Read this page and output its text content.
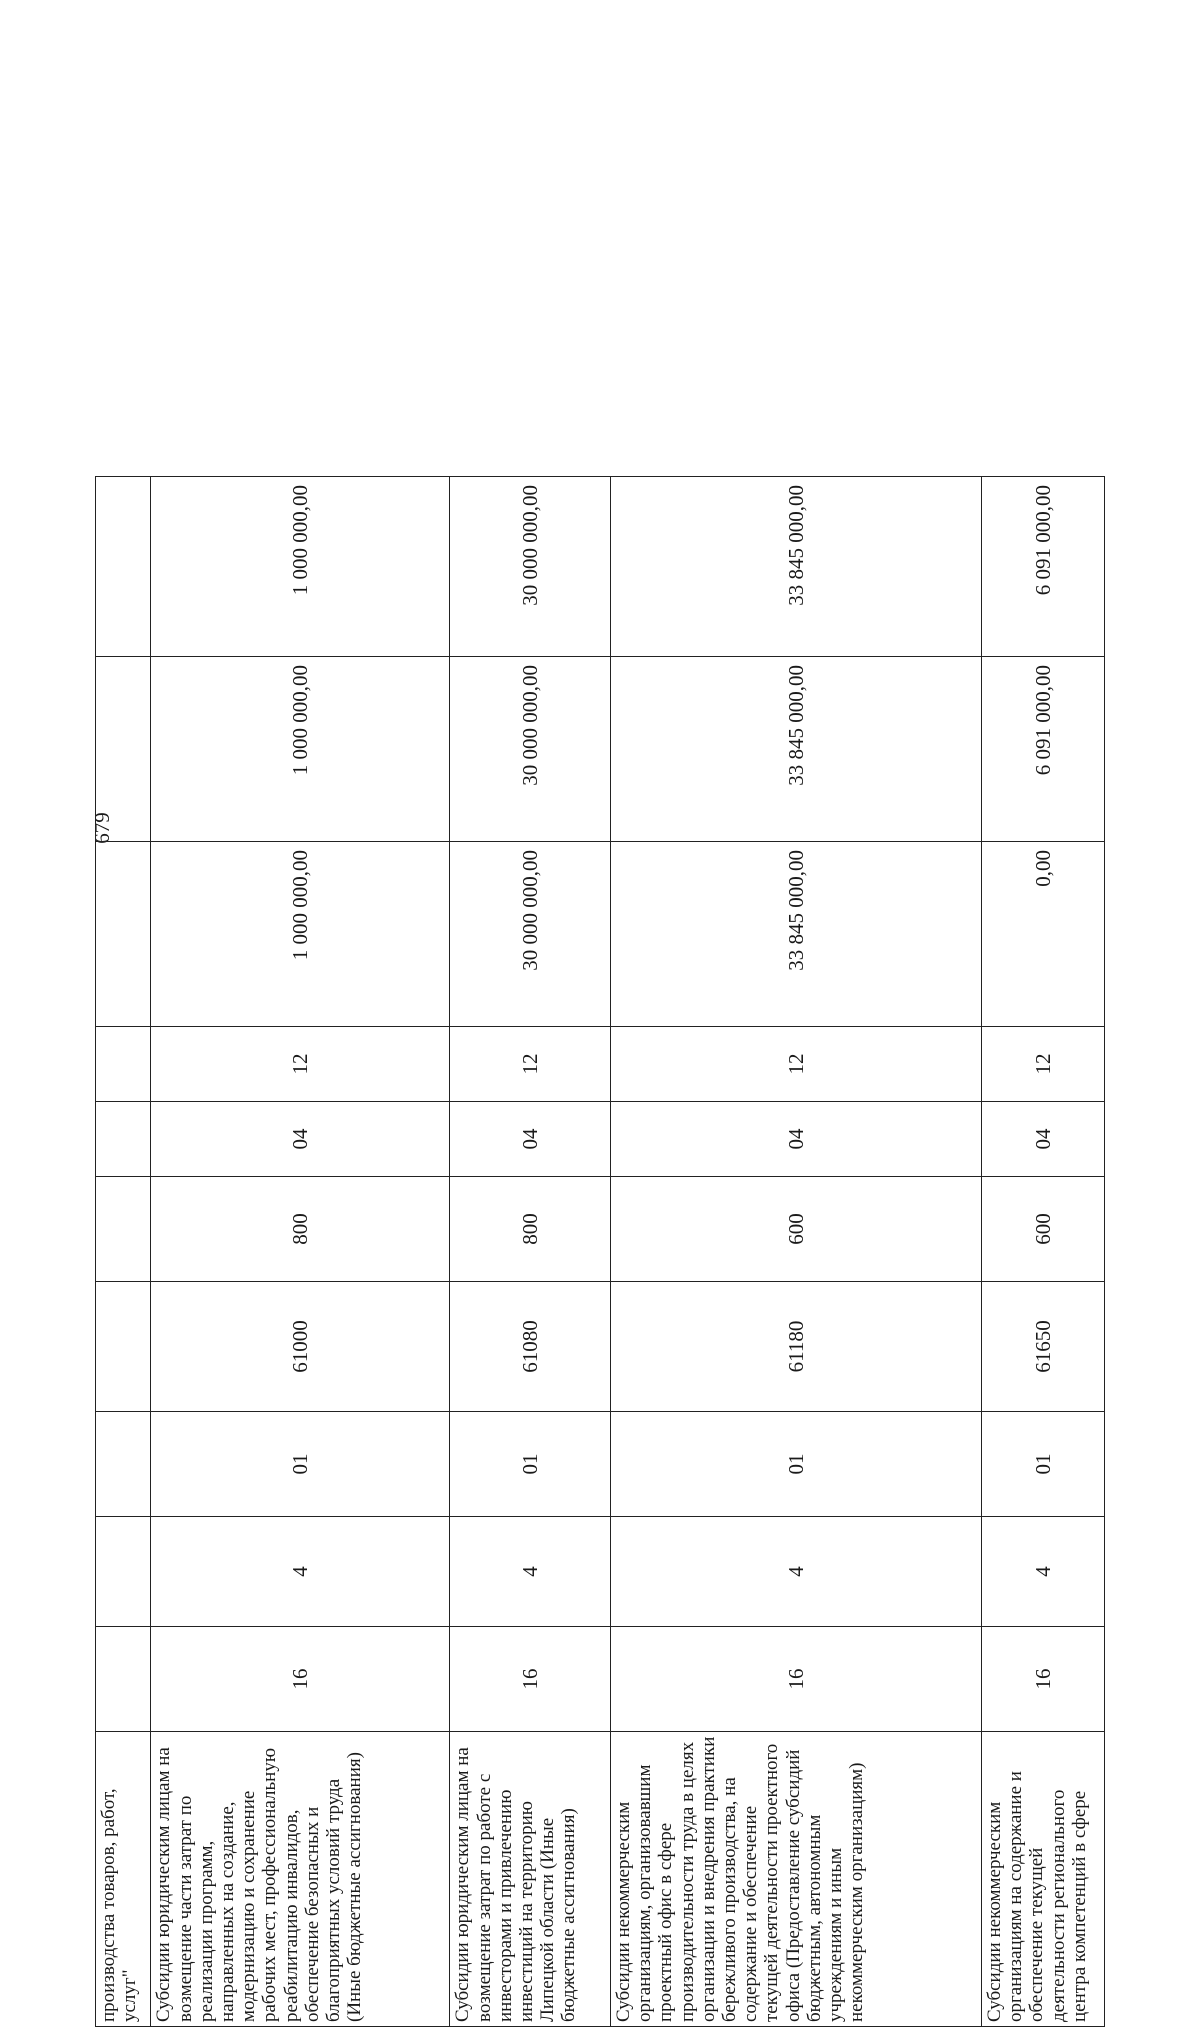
679
производства товаров, работ, услуг"										
Субсидии юридическим лицам на возмещение части затрат по реализации программ, направленных на создание, модернизацию и сохранение рабочих мест, профессиональную реабилитацию инвалидов, обеспечение безопасных и благоприятных условий труда (Иные бюджетные ассигнования)	16	4	01	61000	800	04	12	1 000 000,00	1 000 000,00	1 000 000,00
Субсидии юридическим лицам на возмещение затрат по работе с инвесторами и привлечению инвестиций на территорию Липецкой области (Иные бюджетные ассигнования)	16	4	01	61080	800	04	12	30 000 000,00	30 000 000,00	30 000 000,00
Субсидии некоммерческим организациям, организовавшим проектный офис в сфере производительности труда в целях организации и внедрения практики бережливого производства, на содержание и обеспечение текущей деятельности проектного офиса (Предоставление субсидий бюджетным, автономным учреждениям и иным некоммерческим организациям)	16	4	01	61180	600	04	12	33 845 000,00	33 845 000,00	33 845 000,00
Субсидии некоммерческим организациям на содержание и обеспечение текущей деятельности регионального центра компетенций в сфере	16	4	01	61650	600	04	12	0,00	6 091 000,00	6 091 000,00
